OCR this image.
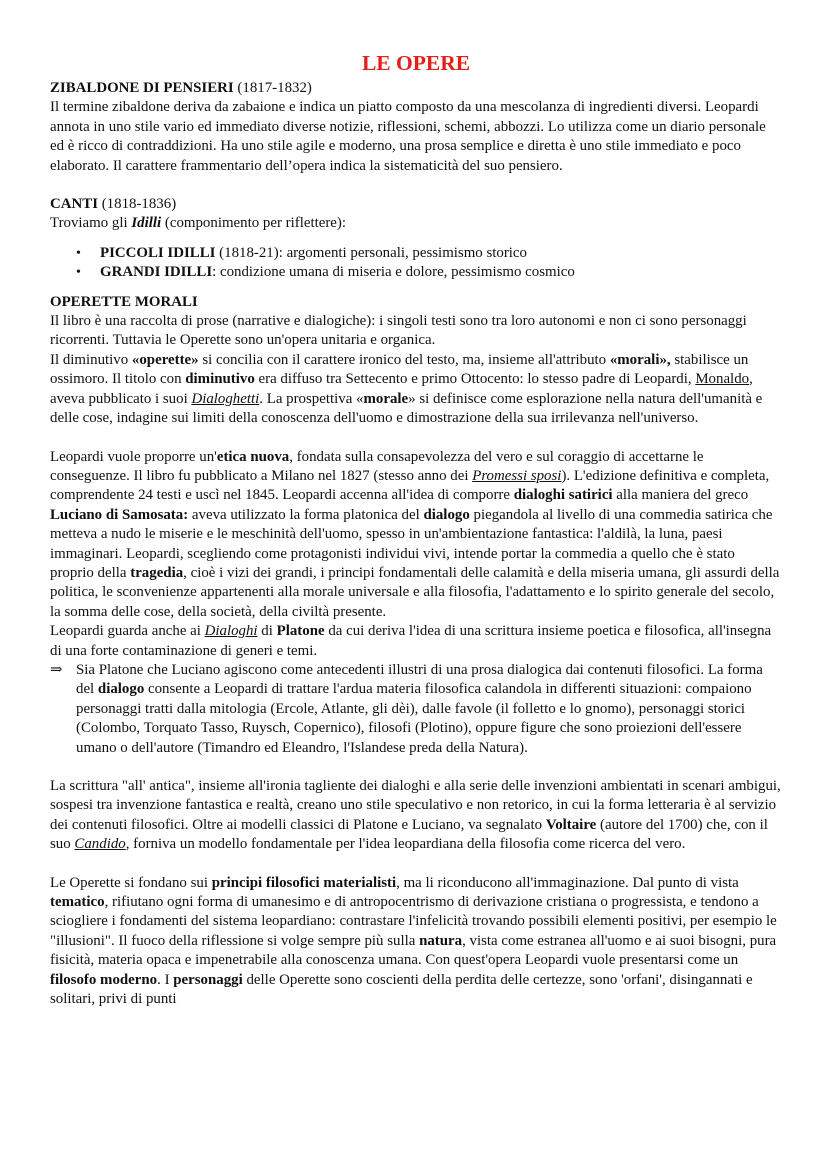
LE OPERE

ZIBALDONE DI PENSIERI (1817-1832)

Il termine zibaldone deriva da zabaione e indica un piatto composto da una mescolanza di ingredienti diversi. Leopardi annota in uno stile vario ed immediato diverse notizie, riflessioni, schemi, abbozzi. Lo utilizza come un diario personale ed è ricco di contraddizioni. Ha uno stile agile e moderno, una prosa semplice e diretta è uno stile immediato e poco elaborato. Il carattere frammentario dell’opera indica la sistematicità del suo pensiero.

CANTI (1818-1836)

Troviamo gli Idilli (componimento per riflettere):

• PICCOLI IDILLI (1818-21): argomenti personali, pessimismo storico
• GRANDI IDILLI: condizione umana di miseria e dolore, pessimismo cosmico

OPERETTE MORALI

Il libro è una raccolta di prose (narrative e dialogiche): i singoli testi sono tra loro autonomi e non ci sono personaggi ricorrenti. Tuttavia le Operette sono un'opera unitaria e organica.

Il diminutivo «operette» si concilia con il carattere ironico del testo, ma, insieme all'attributo «morali», stabilisce un ossimoro. Il titolo con diminutivo era diffuso tra Settecento e primo Ottocento: lo stesso padre di Leopardi, Monaldo, aveva pubblicato i suoi Dialoghetti. La prospettiva «morale» si definisce come esplorazione nella natura dell'umanità e delle cose, indagine sui limiti della conoscenza dell'uomo e dimostrazione della sua irrilevanza nell'universo.

Leopardi vuole proporre un'etica nuova, fondata sulla consapevolezza del vero e sul coraggio di accettarne le conseguenze. Il libro fu pubblicato a Milano nel 1827 (stesso anno dei Promessi sposi). L'edizione definitiva e completa, comprendente 24 testi e uscì nel 1845. Leopardi accenna all'idea di comporre dialoghi satirici alla maniera del greco Luciano di Samosata: aveva utilizzato la forma platonica del dialogo piegandola al livello di una commedia satirica che metteva a nudo le miserie e le meschinità dell'uomo, spesso in un'ambientazione fantastica: l'aldilà, la luna, paesi immaginari. Leopardi, scegliendo come protagonisti individui vivi, intende portar la commedia a quello che è stato proprio della tragedia, cioè i vizi dei grandi, i principi fondamentali delle calamità e della miseria umana, gli assurdi della politica, le sconvenienze appartenenti alla morale universale e alla filosofia, l'adattamento e lo spirito generale del secolo, la somma delle cose, della società, della civiltà presente.

Leopardi guarda anche ai Dialoghi di Platone da cui deriva l'idea di una scrittura insieme poetica e filosofica, all'insegna di una forte contaminazione di generi e temi.

⇒ Sia Platone che Luciano agiscono come antecedenti illustri di una prosa dialogica dai contenuti filosofici. La forma del dialogo consente a Leopardi di trattare l'ardua materia filosofica calandola in differenti situazioni: compaiono personaggi tratti dalla mitologia (Ercole, Atlante, gli dèi), dalle favole (il folletto e lo gnomo), personaggi storici (Colombo, Torquato Tasso, Ruysch, Copernico), filosofi (Plotino), oppure figure che sono proiezioni dell'essere umano o dell'autore (Timandro ed Eleandro, l'Islandese preda della Natura).

La scrittura "all' antica", insieme all'ironia tagliente dei dialoghi e alla serie delle invenzioni ambientati in scenari ambigui, sospesi tra invenzione fantastica e realtà, creano uno stile speculativo e non retorico, in cui la forma letteraria è al servizio dei contenuti filosofici. Oltre ai modelli classici di Platone e Luciano, va segnalato Voltaire (autore del 1700) che, con il suo Candido, forniva un modello fondamentale per l'idea leopardiana della filosofia come ricerca del vero.

Le Operette si fondano sui principi filosofici materialisti, ma li riconducono all'immaginazione. Dal punto di vista tematico, rifiutano ogni forma di umanesimo e di antropocentrismo di derivazione cristiana o progressista, e tendono a sciogliere i fondamenti del sistema leopardiano: contrastare l'infelicità trovando possibili elementi positivi, per esempio le "illusioni". Il fuoco della riflessione si volge sempre più sulla natura, vista come estranea all'uomo e ai suoi bisogni, pura fisicità, materia opaca e impenetrabile alla conoscenza umana. Con quest'opera Leopardi vuole presentarsi come un filosofo moderno. I personaggi delle Operette sono coscienti della perdita delle certezze, sono 'orfani', disingannati e solitari, privi di punti
